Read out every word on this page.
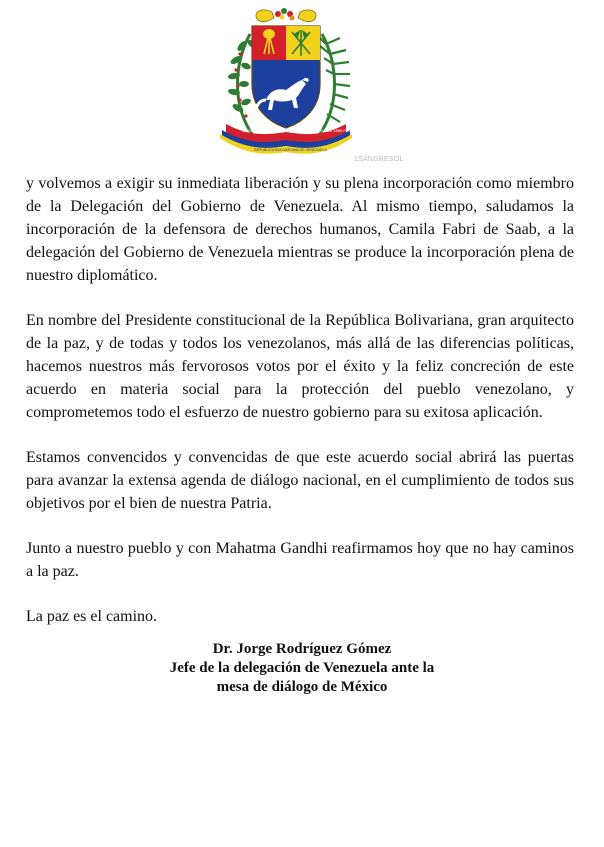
19 DE ABRIL DE 1810 INDEPENDENCIA
20 DE FEBRERO DE 1859 FEDERACION
REPUBLICA BOLIVARIANA DE VENEZUELA
1SANGRESOL

y volvemos a exigir su inmediata liberación y su plena incorporación como miembro de la Delegación del Gobierno de Venezuela. Al mismo tiempo, saludamos la incorporación de la defensora de derechos humanos, Camila Fabri de Saab, a la delegación del Gobierno de Venezuela mientras se produce la incorporación plena de nuestro diplomático.

En nombre del Presidente constitucional de la República Bolivariana, gran arquitecto de la paz, y de todas y todos los venezolanos, más allá de las diferencias políticas, hacemos nuestros más fervorosos votos por el éxito y la feliz concreción de este acuerdo en materia social para la protección del pueblo venezolano, y comprometemos todo el esfuerzo de nuestro gobierno para su exitosa aplicación.

Estamos convencidos y convencidas de que este acuerdo social abrirá las puertas para avanzar la extensa agenda de diálogo nacional, en el cumplimiento de todos sus objetivos por el bien de nuestra Patria.

Junto a nuestro pueblo y con Mahatma Gandhi reafirmamos hoy que no hay caminos a la paz.

La paz es el camino.

Dr. Jorge Rodríguez Gómez
Jefe de la delegación de Venezuela ante la
mesa de diálogo de México
